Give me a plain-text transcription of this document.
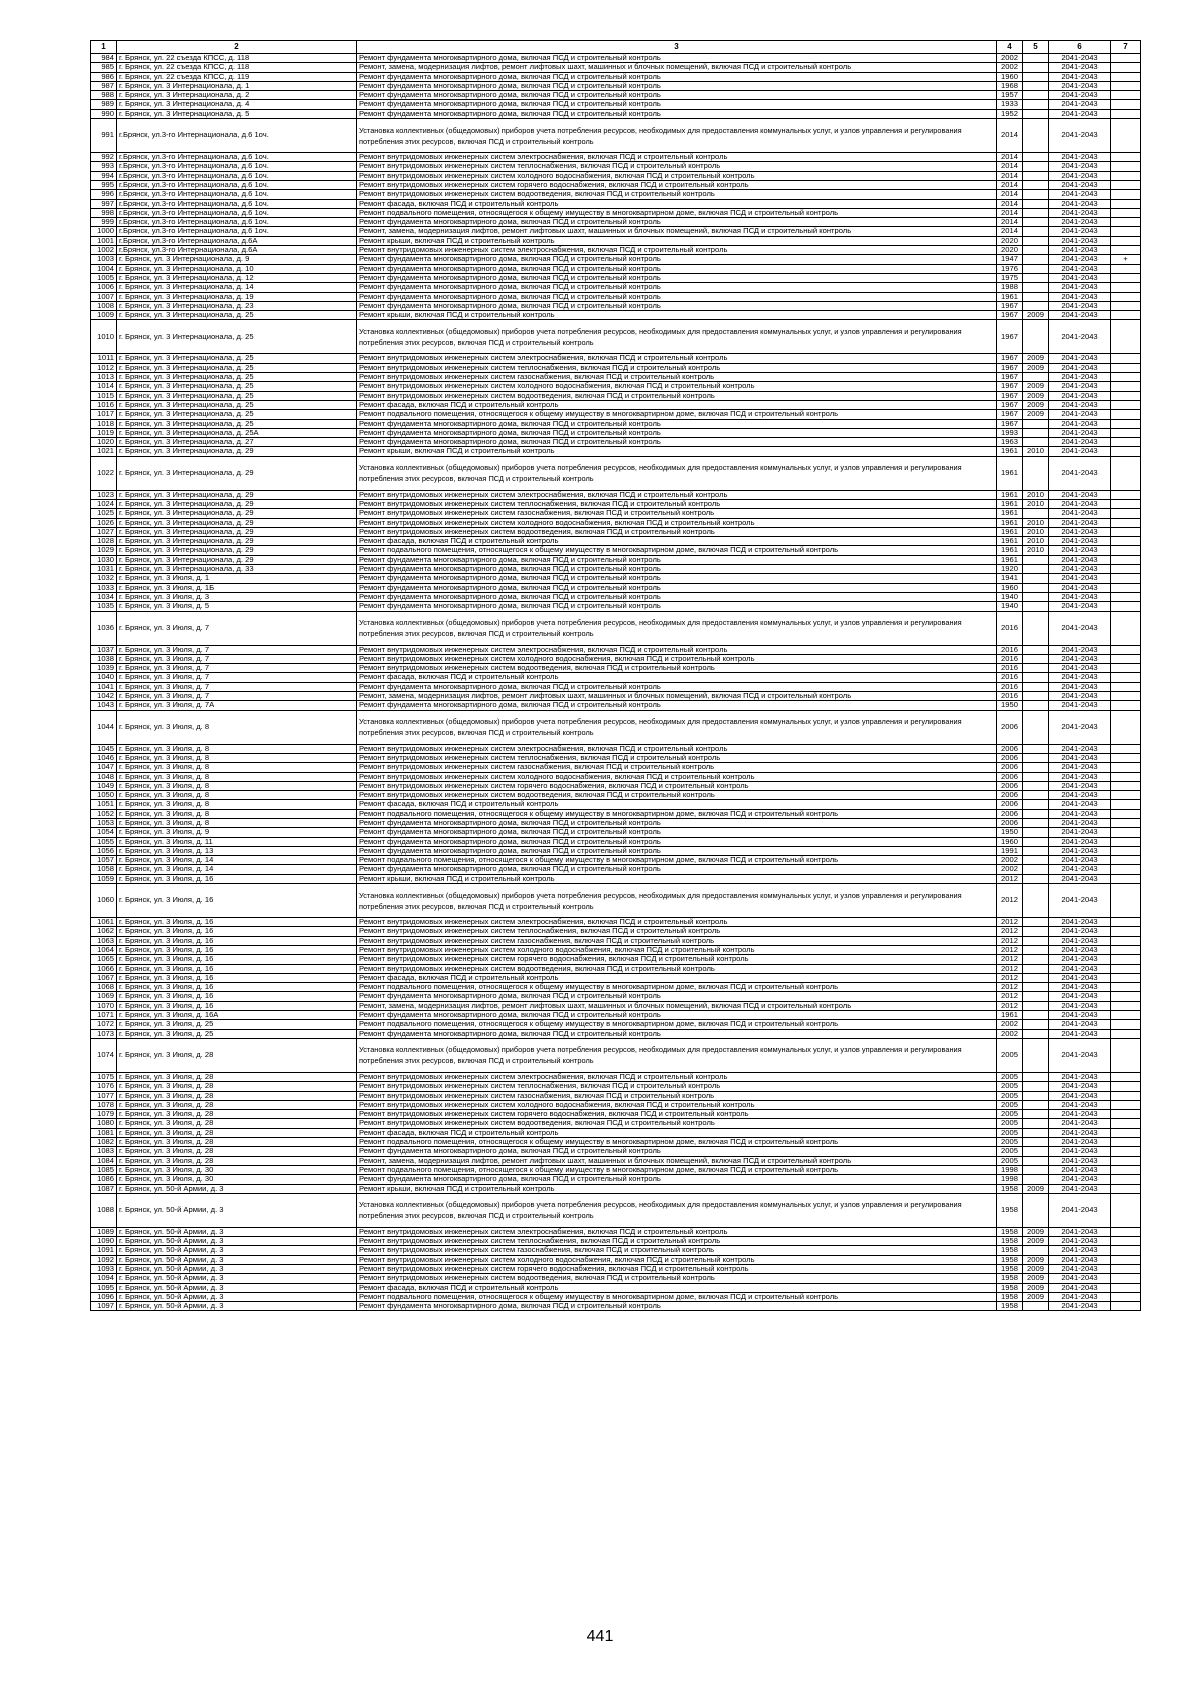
1	2	3	4	5	6	7
984	г. Брянск, ул. 22 съезда КПСС, д. 118	Ремонт фундамента многоквартирного дома, включая ПСД и строительный контроль	2002		2041-2043	
985	г. Брянск, ул. 22 съезда КПСС, д. 118	Ремонт, замена, модернизация лифтов, ремонт лифтовых шахт, машинных и блочных помещений, включая ПСД и строительный контроль	2002		2041-2043	
986	г. Брянск, ул. 22 съезда КПСС, д. 119	Ремонт фундамента многоквартирного дома, включая ПСД и строительный контроль	1960		2041-2043	
987	г. Брянск, ул. 3 Интернационала, д. 1	Ремонт фундамента многоквартирного дома, включая ПСД и строительный контроль	1968		2041-2043	
988	г. Брянск, ул. 3 Интернационала, д. 2	Ремонт фундамента многоквартирного дома, включая ПСД и строительный контроль	1957		2041-2043	
989	г. Брянск, ул. 3 Интернационала, д. 4	Ремонт фундамента многоквартирного дома, включая ПСД и строительный контроль	1933		2041-2043	
990	г. Брянск, ул. 3 Интернационала, д. 5	Ремонт фундамента многоквартирного дома, включая ПСД и строительный контроль	1952		2041-2043	
991	г.Брянск, ул.3-го Интернационала, д.6 1оч.	Установка коллективных (общедомовых) приборов учета потребления ресурсов, необходимых для предоставления коммунальных услуг, и узлов управления и регулирования потребления этих ресурсов, включая ПСД и строительный контроль	2014		2041-2043	
992	г.Брянск, ул.3-го Интернационала, д.6 1оч.	Ремонт внутридомовых инженерных систем электроснабжения, включая ПСД и строительный контроль	2014		2041-2043	
993	г.Брянск, ул.3-го Интернационала, д.6 1оч.	Ремонт внутридомовых инженерных систем теплоснабжения, включая ПСД и строительный контроль	2014		2041-2043	
994	г.Брянск, ул.3-го Интернационала, д.6 1оч.	Ремонт внутридомовых инженерных систем холодного водоснабжения, включая ПСД и строительный контроль	2014		2041-2043	
995	г.Брянск, ул.3-го Интернационала, д.6 1оч.	Ремонт внутридомовых инженерных систем горячего водоснабжения, включая ПСД и строительный контроль	2014		2041-2043	
996	г.Брянск, ул.3-го Интернационала, д.6 1оч.	Ремонт внутридомовых инженерных систем водоотведения, включая ПСД и строительный контроль	2014		2041-2043	
997	г.Брянск, ул.3-го Интернационала, д.6 1оч.	Ремонт фасада, включая ПСД и строительный контроль	2014		2041-2043	
998	г.Брянск, ул.3-го Интернационала, д.6 1оч.	Ремонт подвального помещения, относящегося к общему имуществу в многоквартирном доме, включая ПСД и строительный контроль	2014		2041-2043	
999	г.Брянск, ул.3-го Интернационала, д.6 1оч.	Ремонт фундамента многоквартирного дома, включая ПСД и строительный контроль	2014		2041-2043	
1000	г.Брянск, ул.3-го Интернационала, д.6 1оч.	Ремонт, замена, модернизация лифтов, ремонт лифтовых шахт, машинных и блочных помещений, включая ПСД и строительный контроль	2014		2041-2043	
1001	г.Брянск, ул.3-го Интернационала, д.6А	Ремонт крыши, включая ПСД и строительный контроль	2020		2041-2043	
1002	г.Брянск, ул.3-го Интернационала, д.6А	Ремонт внутридомовых инженерных систем электроснабжения, включая ПСД и строительный контроль	2020		2041-2043	
1003	г. Брянск, ул. 3 Интернационала, д. 9	Ремонт фундамента многоквартирного дома, включая ПСД и строительный контроль	1947		2041-2043	+
1004	г. Брянск, ул. 3 Интернационала, д. 10	Ремонт фундамента многоквартирного дома, включая ПСД и строительный контроль	1976		2041-2043	
1005	г. Брянск, ул. 3 Интернационала, д. 12	Ремонт фундамента многоквартирного дома, включая ПСД и строительный контроль	1975		2041-2043	
1006	г. Брянск, ул. 3 Интернационала, д. 14	Ремонт фундамента многоквартирного дома, включая ПСД и строительный контроль	1988		2041-2043	
1007	г. Брянск, ул. 3 Интернационала, д. 19	Ремонт фундамента многоквартирного дома, включая ПСД и строительный контроль	1961		2041-2043	
1008	г. Брянск, ул. 3 Интернационала, д. 23	Ремонт фундамента многоквартирного дома, включая ПСД и строительный контроль	1967		2041-2043	
1009	г. Брянск, ул. 3 Интернационала, д. 25	Ремонт крыши, включая ПСД и строительный контроль	1967	2009	2041-2043	
1010	г. Брянск, ул. 3 Интернационала, д. 25	Установка коллективных (общедомовых) приборов учета потребления ресурсов, необходимых для предоставления коммунальных услуг, и узлов управления и регулирования потребления этих ресурсов, включая ПСД и строительный контроль	1967		2041-2043	
1011	г. Брянск, ул. 3 Интернационала, д. 25	Ремонт внутридомовых инженерных систем электроснабжения, включая ПСД и строительный контроль	1967	2009	2041-2043	
1012	г. Брянск, ул. 3 Интернационала, д. 25	Ремонт внутридомовых инженерных систем теплоснабжения, включая ПСД и строительный контроль	1967	2009	2041-2043	
1013	г. Брянск, ул. 3 Интернационала, д. 25	Ремонт внутридомовых инженерных систем газоснабжения, включая ПСД и строительный контроль	1967		2041-2043	
1014	г. Брянск, ул. 3 Интернационала, д. 25	Ремонт внутридомовых инженерных систем холодного водоснабжения, включая ПСД и строительный контроль	1967	2009	2041-2043	
1015	г. Брянск, ул. 3 Интернационала, д. 25	Ремонт внутридомовых инженерных систем водоотведения, включая ПСД и строительный контроль	1967	2009	2041-2043	
1016	г. Брянск, ул. 3 Интернационала, д. 25	Ремонт фасада, включая ПСД и строительный контроль	1967	2009	2041-2043	
1017	г. Брянск, ул. 3 Интернационала, д. 25	Ремонт подвального помещения, относящегося к общему имуществу в многоквартирном доме, включая ПСД и строительный контроль	1967	2009	2041-2043	
1018	г. Брянск, ул. 3 Интернационала, д. 25	Ремонт фундамента многоквартирного дома, включая ПСД и строительный контроль	1967		2041-2043	
1019	г. Брянск, ул. 3 Интернационала, д. 25А	Ремонт фундамента многоквартирного дома, включая ПСД и строительный контроль	1993		2041-2043	
1020	г. Брянск, ул. 3 Интернационала, д. 27	Ремонт фундамента многоквартирного дома, включая ПСД и строительный контроль	1963		2041-2043	
1021	г. Брянск, ул. 3 Интернационала, д. 29	Ремонт крыши, включая ПСД и строительный контроль	1961	2010	2041-2043	
1022	г. Брянск, ул. 3 Интернационала, д. 29	Установка коллективных (общедомовых) приборов учета потребления ресурсов, необходимых для предоставления коммунальных услуг, и узлов управления и регулирования потребления этих ресурсов, включая ПСД и строительный контроль	1961		2041-2043	
1023	г. Брянск, ул. 3 Интернационала, д. 29	Ремонт внутридомовых инженерных систем электроснабжения, включая ПСД и строительный контроль	1961	2010	2041-2043	
1024	г. Брянск, ул. 3 Интернационала, д. 29	Ремонт внутридомовых инженерных систем теплоснабжения, включая ПСД и строительный контроль	1961	2010	2041-2043	
1025	г. Брянск, ул. 3 Интернационала, д. 29	Ремонт внутридомовых инженерных систем газоснабжения, включая ПСД и строительный контроль	1961		2041-2043	
1026	г. Брянск, ул. 3 Интернационала, д. 29	Ремонт внутридомовых инженерных систем холодного водоснабжения, включая ПСД и строительный контроль	1961	2010	2041-2043	
1027	г. Брянск, ул. 3 Интернационала, д. 29	Ремонт внутридомовых инженерных систем водоотведения, включая ПСД и строительный контроль	1961	2010	2041-2043	
1028	г. Брянск, ул. 3 Интернационала, д. 29	Ремонт фасада, включая ПСД и строительный контроль	1961	2010	2041-2043	
1029	г. Брянск, ул. 3 Интернационала, д. 29	Ремонт подвального помещения, относящегося к общему имуществу в многоквартирном доме, включая ПСД и строительный контроль	1961	2010	2041-2043	
1030	г. Брянск, ул. 3 Интернационала, д. 29	Ремонт фундамента многоквартирного дома, включая ПСД и строительный контроль	1961		2041-2043	
1031	г. Брянск, ул. 3 Интернационала, д. 33	Ремонт фундамента многоквартирного дома, включая ПСД и строительный контроль	1920		2041-2043	
1032	г. Брянск, ул. 3 Июля, д. 1	Ремонт фундамента многоквартирного дома, включая ПСД и строительный контроль	1941		2041-2043	
1033	г. Брянск, ул. 3 Июля, д. 1Б	Ремонт фундамента многоквартирного дома, включая ПСД и строительный контроль	1960		2041-2043	
1034	г. Брянск, ул. 3 Июля, д. 3	Ремонт фундамента многоквартирного дома, включая ПСД и строительный контроль	1940		2041-2043	
1035	г. Брянск, ул. 3 Июля, д. 5	Ремонт фундамента многоквартирного дома, включая ПСД и строительный контроль	1940		2041-2043	
1036	г. Брянск, ул. 3 Июля, д. 7	Установка коллективных (общедомовых) приборов учета потребления ресурсов, необходимых для предоставления коммунальных услуг, и узлов управления и регулирования потребления этих ресурсов, включая ПСД и строительный контроль	2016		2041-2043	
1037	г. Брянск, ул. 3 Июля, д. 7	Ремонт внутридомовых инженерных систем электроснабжения, включая ПСД и строительный контроль	2016		2041-2043	
1038	г. Брянск, ул. 3 Июля, д. 7	Ремонт внутридомовых инженерных систем холодного водоснабжения, включая ПСД и строительный контроль	2016		2041-2043	
1039	г. Брянск, ул. 3 Июля, д. 7	Ремонт внутридомовых инженерных систем водоотведения, включая ПСД и строительный контроль	2016		2041-2043	
1040	г. Брянск, ул. 3 Июля, д. 7	Ремонт фасада, включая ПСД и строительный контроль	2016		2041-2043	
1041	г. Брянск, ул. 3 Июля, д. 7	Ремонт фундамента многоквартирного дома, включая ПСД и строительный контроль	2016		2041-2043	
1042	г. Брянск, ул. 3 Июля, д. 7	Ремонт, замена, модернизация лифтов, ремонт лифтовых шахт, машинных и блочных помещений, включая ПСД и строительный контроль	2016		2041-2043	
1043	г. Брянск, ул. 3 Июля, д. 7А	Ремонт фундамента многоквартирного дома, включая ПСД и строительный контроль	1950		2041-2043	
1044	г. Брянск, ул. 3 Июля, д. 8	Установка коллективных (общедомовых) приборов учета потребления ресурсов, необходимых для предоставления коммунальных услуг, и узлов управления и регулирования потребления этих ресурсов, включая ПСД и строительный контроль	2006		2041-2043	
1045	г. Брянск, ул. 3 Июля, д. 8	Ремонт внутридомовых инженерных систем электроснабжения, включая ПСД и строительный контроль	2006		2041-2043	
1046	г. Брянск, ул. 3 Июля, д. 8	Ремонт внутридомовых инженерных систем теплоснабжения, включая ПСД и строительный контроль	2006		2041-2043	
1047	г. Брянск, ул. 3 Июля, д. 8	Ремонт внутридомовых инженерных систем газоснабжения, включая ПСД и строительный контроль	2006		2041-2043	
1048	г. Брянск, ул. 3 Июля, д. 8	Ремонт внутридомовых инженерных систем холодного водоснабжения, включая ПСД и строительный контроль	2006		2041-2043	
1049	г. Брянск, ул. 3 Июля, д. 8	Ремонт внутридомовых инженерных систем горячего водоснабжения, включая ПСД и строительный контроль	2006		2041-2043	
1050	г. Брянск, ул. 3 Июля, д. 8	Ремонт внутридомовых инженерных систем водоотведения, включая ПСД и строительный контроль	2006		2041-2043	
1051	г. Брянск, ул. 3 Июля, д. 8	Ремонт фасада, включая ПСД и строительный контроль	2006		2041-2043	
1052	г. Брянск, ул. 3 Июля, д. 8	Ремонт подвального помещения, относящегося к общему имуществу в многоквартирном доме, включая ПСД и строительный контроль	2006		2041-2043	
1053	г. Брянск, ул. 3 Июля, д. 8	Ремонт фундамента многоквартирного дома, включая ПСД и строительный контроль	2006		2041-2043	
1054	г. Брянск, ул. 3 Июля, д. 9	Ремонт фундамента многоквартирного дома, включая ПСД и строительный контроль	1950		2041-2043	
1055	г. Брянск, ул. 3 Июля, д. 11	Ремонт фундамента многоквартирного дома, включая ПСД и строительный контроль	1960		2041-2043	
1056	г. Брянск, ул. 3 Июля, д. 13	Ремонт фундамента многоквартирного дома, включая ПСД и строительный контроль	1991		2041-2043	
1057	г. Брянск, ул. 3 Июля, д. 14	Ремонт подвального помещения, относящегося к общему имуществу в многоквартирном доме, включая ПСД и строительный контроль	2002		2041-2043	
1058	г. Брянск, ул. 3 Июля, д. 14	Ремонт фундамента многоквартирного дома, включая ПСД и строительный контроль	2002		2041-2043	
1059	г. Брянск, ул. 3 Июля, д. 16	Ремонт крыши, включая ПСД и строительный контроль	2012		2041-2043	
1060	г. Брянск, ул. 3 Июля, д. 16	Установка коллективных (общедомовых) приборов учета потребления ресурсов, необходимых для предоставления коммунальных услуг, и узлов управления и регулирования потребления этих ресурсов, включая ПСД и строительный контроль	2012		2041-2043	
1061	г. Брянск, ул. 3 Июля, д. 16	Ремонт внутридомовых инженерных систем электроснабжения, включая ПСД и строительный контроль	2012		2041-2043	
1062	г. Брянск, ул. 3 Июля, д. 16	Ремонт внутридомовых инженерных систем теплоснабжения, включая ПСД и строительный контроль	2012		2041-2043	
1063	г. Брянск, ул. 3 Июля, д. 16	Ремонт внутридомовых инженерных систем газоснабжения, включая ПСД и строительный контроль	2012		2041-2043	
1064	г. Брянск, ул. 3 Июля, д. 16	Ремонт внутридомовых инженерных систем холодного водоснабжения, включая ПСД и строительный контроль	2012		2041-2043	
1065	г. Брянск, ул. 3 Июля, д. 16	Ремонт внутридомовых инженерных систем горячего водоснабжения, включая ПСД и строительный контроль	2012		2041-2043	
1066	г. Брянск, ул. 3 Июля, д. 16	Ремонт внутридомовых инженерных систем водоотведения, включая ПСД и строительный контроль	2012		2041-2043	
1067	г. Брянск, ул. 3 Июля, д. 16	Ремонт фасада, включая ПСД и строительный контроль	2012		2041-2043	
1068	г. Брянск, ул. 3 Июля, д. 16	Ремонт подвального помещения, относящегося к общему имуществу в многоквартирном доме, включая ПСД и строительный контроль	2012		2041-2043	
1069	г. Брянск, ул. 3 Июля, д. 16	Ремонт фундамента многоквартирного дома, включая ПСД и строительный контроль	2012		2041-2043	
1070	г. Брянск, ул. 3 Июля, д. 16	Ремонт, замена, модернизация лифтов, ремонт лифтовых шахт, машинных и блочных помещений, включая ПСД и строительный контроль	2012		2041-2043	
1071	г. Брянск, ул. 3 Июля, д. 16А	Ремонт фундамента многоквартирного дома, включая ПСД и строительный контроль	1961		2041-2043	
1072	г. Брянск, ул. 3 Июля, д. 25	Ремонт подвального помещения, относящегося к общему имуществу в многоквартирном доме, включая ПСД и строительный контроль	2002		2041-2043	
1073	г. Брянск, ул. 3 Июля, д. 25	Ремонт фундамента многоквартирного дома, включая ПСД и строительный контроль	2002		2041-2043	
1074	г. Брянск, ул. 3 Июля, д. 28	Установка коллективных (общедомовых) приборов учета потребления ресурсов, необходимых для предоставления коммунальных услуг, и узлов управления и регулирования потребления этих ресурсов, включая ПСД и строительный контроль	2005		2041-2043	
1075	г. Брянск, ул. 3 Июля, д. 28	Ремонт внутридомовых инженерных систем электроснабжения, включая ПСД и строительный контроль	2005		2041-2043	
1076	г. Брянск, ул. 3 Июля, д. 28	Ремонт внутридомовых инженерных систем теплоснабжения, включая ПСД и строительный контроль	2005		2041-2043	
1077	г. Брянск, ул. 3 Июля, д. 28	Ремонт внутридомовых инженерных систем газоснабжения, включая ПСД и строительный контроль	2005		2041-2043	
1078	г. Брянск, ул. 3 Июля, д. 28	Ремонт внутридомовых инженерных систем холодного водоснабжения, включая ПСД и строительный контроль	2005		2041-2043	
1079	г. Брянск, ул. 3 Июля, д. 28	Ремонт внутридомовых инженерных систем горячего водоснабжения, включая ПСД и строительный контроль	2005		2041-2043	
1080	г. Брянск, ул. 3 Июля, д. 28	Ремонт внутридомовых инженерных систем водоотведения, включая ПСД и строительный контроль	2005		2041-2043	
1081	г. Брянск, ул. 3 Июля, д. 28	Ремонт фасада, включая ПСД и строительный контроль	2005		2041-2043	
1082	г. Брянск, ул. 3 Июля, д. 28	Ремонт подвального помещения, относящегося к общему имуществу в многоквартирном доме, включая ПСД и строительный контроль	2005		2041-2043	
1083	г. Брянск, ул. 3 Июля, д. 28	Ремонт фундамента многоквартирного дома, включая ПСД и строительный контроль	2005		2041-2043	
1084	г. Брянск, ул. 3 Июля, д. 28	Ремонт, замена, модернизация лифтов, ремонт лифтовых шахт, машинных и блочных помещений, включая ПСД и строительный контроль	2005		2041-2043	
1085	г. Брянск, ул. 3 Июля, д. 30	Ремонт подвального помещения, относящегося к общему имуществу в многоквартирном доме, включая ПСД и строительный контроль	1998		2041-2043	
1086	г. Брянск, ул. 3 Июля, д. 30	Ремонт фундамента многоквартирного дома, включая ПСД и строительный контроль	1998		2041-2043	
1087	г. Брянск, ул. 50-й Армии, д. 3	Ремонт крыши, включая ПСД и строительный контроль	1958	2009	2041-2043	
1088	г. Брянск, ул. 50-й Армии, д. 3	Установка коллективных (общедомовых) приборов учета потребления ресурсов, необходимых для предоставления коммунальных услуг, и узлов управления и регулирования потребления этих ресурсов, включая ПСД и строительный контроль	1958		2041-2043	
1089	г. Брянск, ул. 50-й Армии, д. 3	Ремонт внутридомовых инженерных систем электроснабжения, включая ПСД и строительный контроль	1958	2009	2041-2043	
1090	г. Брянск, ул. 50-й Армии, д. 3	Ремонт внутридомовых инженерных систем теплоснабжения, включая ПСД и строительный контроль	1958	2009	2041-2043	
1091	г. Брянск, ул. 50-й Армии, д. 3	Ремонт внутридомовых инженерных систем газоснабжения, включая ПСД и строительный контроль	1958		2041-2043	
1092	г. Брянск, ул. 50-й Армии, д. 3	Ремонт внутридомовых инженерных систем холодного водоснабжения, включая ПСД и строительный контроль	1958	2009	2041-2043	
1093	г. Брянск, ул. 50-й Армии, д. 3	Ремонт внутридомовых инженерных систем горячего водоснабжения, включая ПСД и строительный контроль	1958	2009	2041-2043	
1094	г. Брянск, ул. 50-й Армии, д. 3	Ремонт внутридомовых инженерных систем водоотведения, включая ПСД и строительный контроль	1958	2009	2041-2043	
1095	г. Брянск, ул. 50-й Армии, д. 3	Ремонт фасада, включая ПСД и строительный контроль	1958	2009	2041-2043	
1096	г. Брянск, ул. 50-й Армии, д. 3	Ремонт подвального помещения, относящегося к общему имуществу в многоквартирном доме, включая ПСД и строительный контроль	1958	2009	2041-2043	
1097	г. Брянск, ул. 50-й Армии, д. 3	Ремонт фундамента многоквартирного дома, включая ПСД и строительный контроль	1958		2041-2043	
441
